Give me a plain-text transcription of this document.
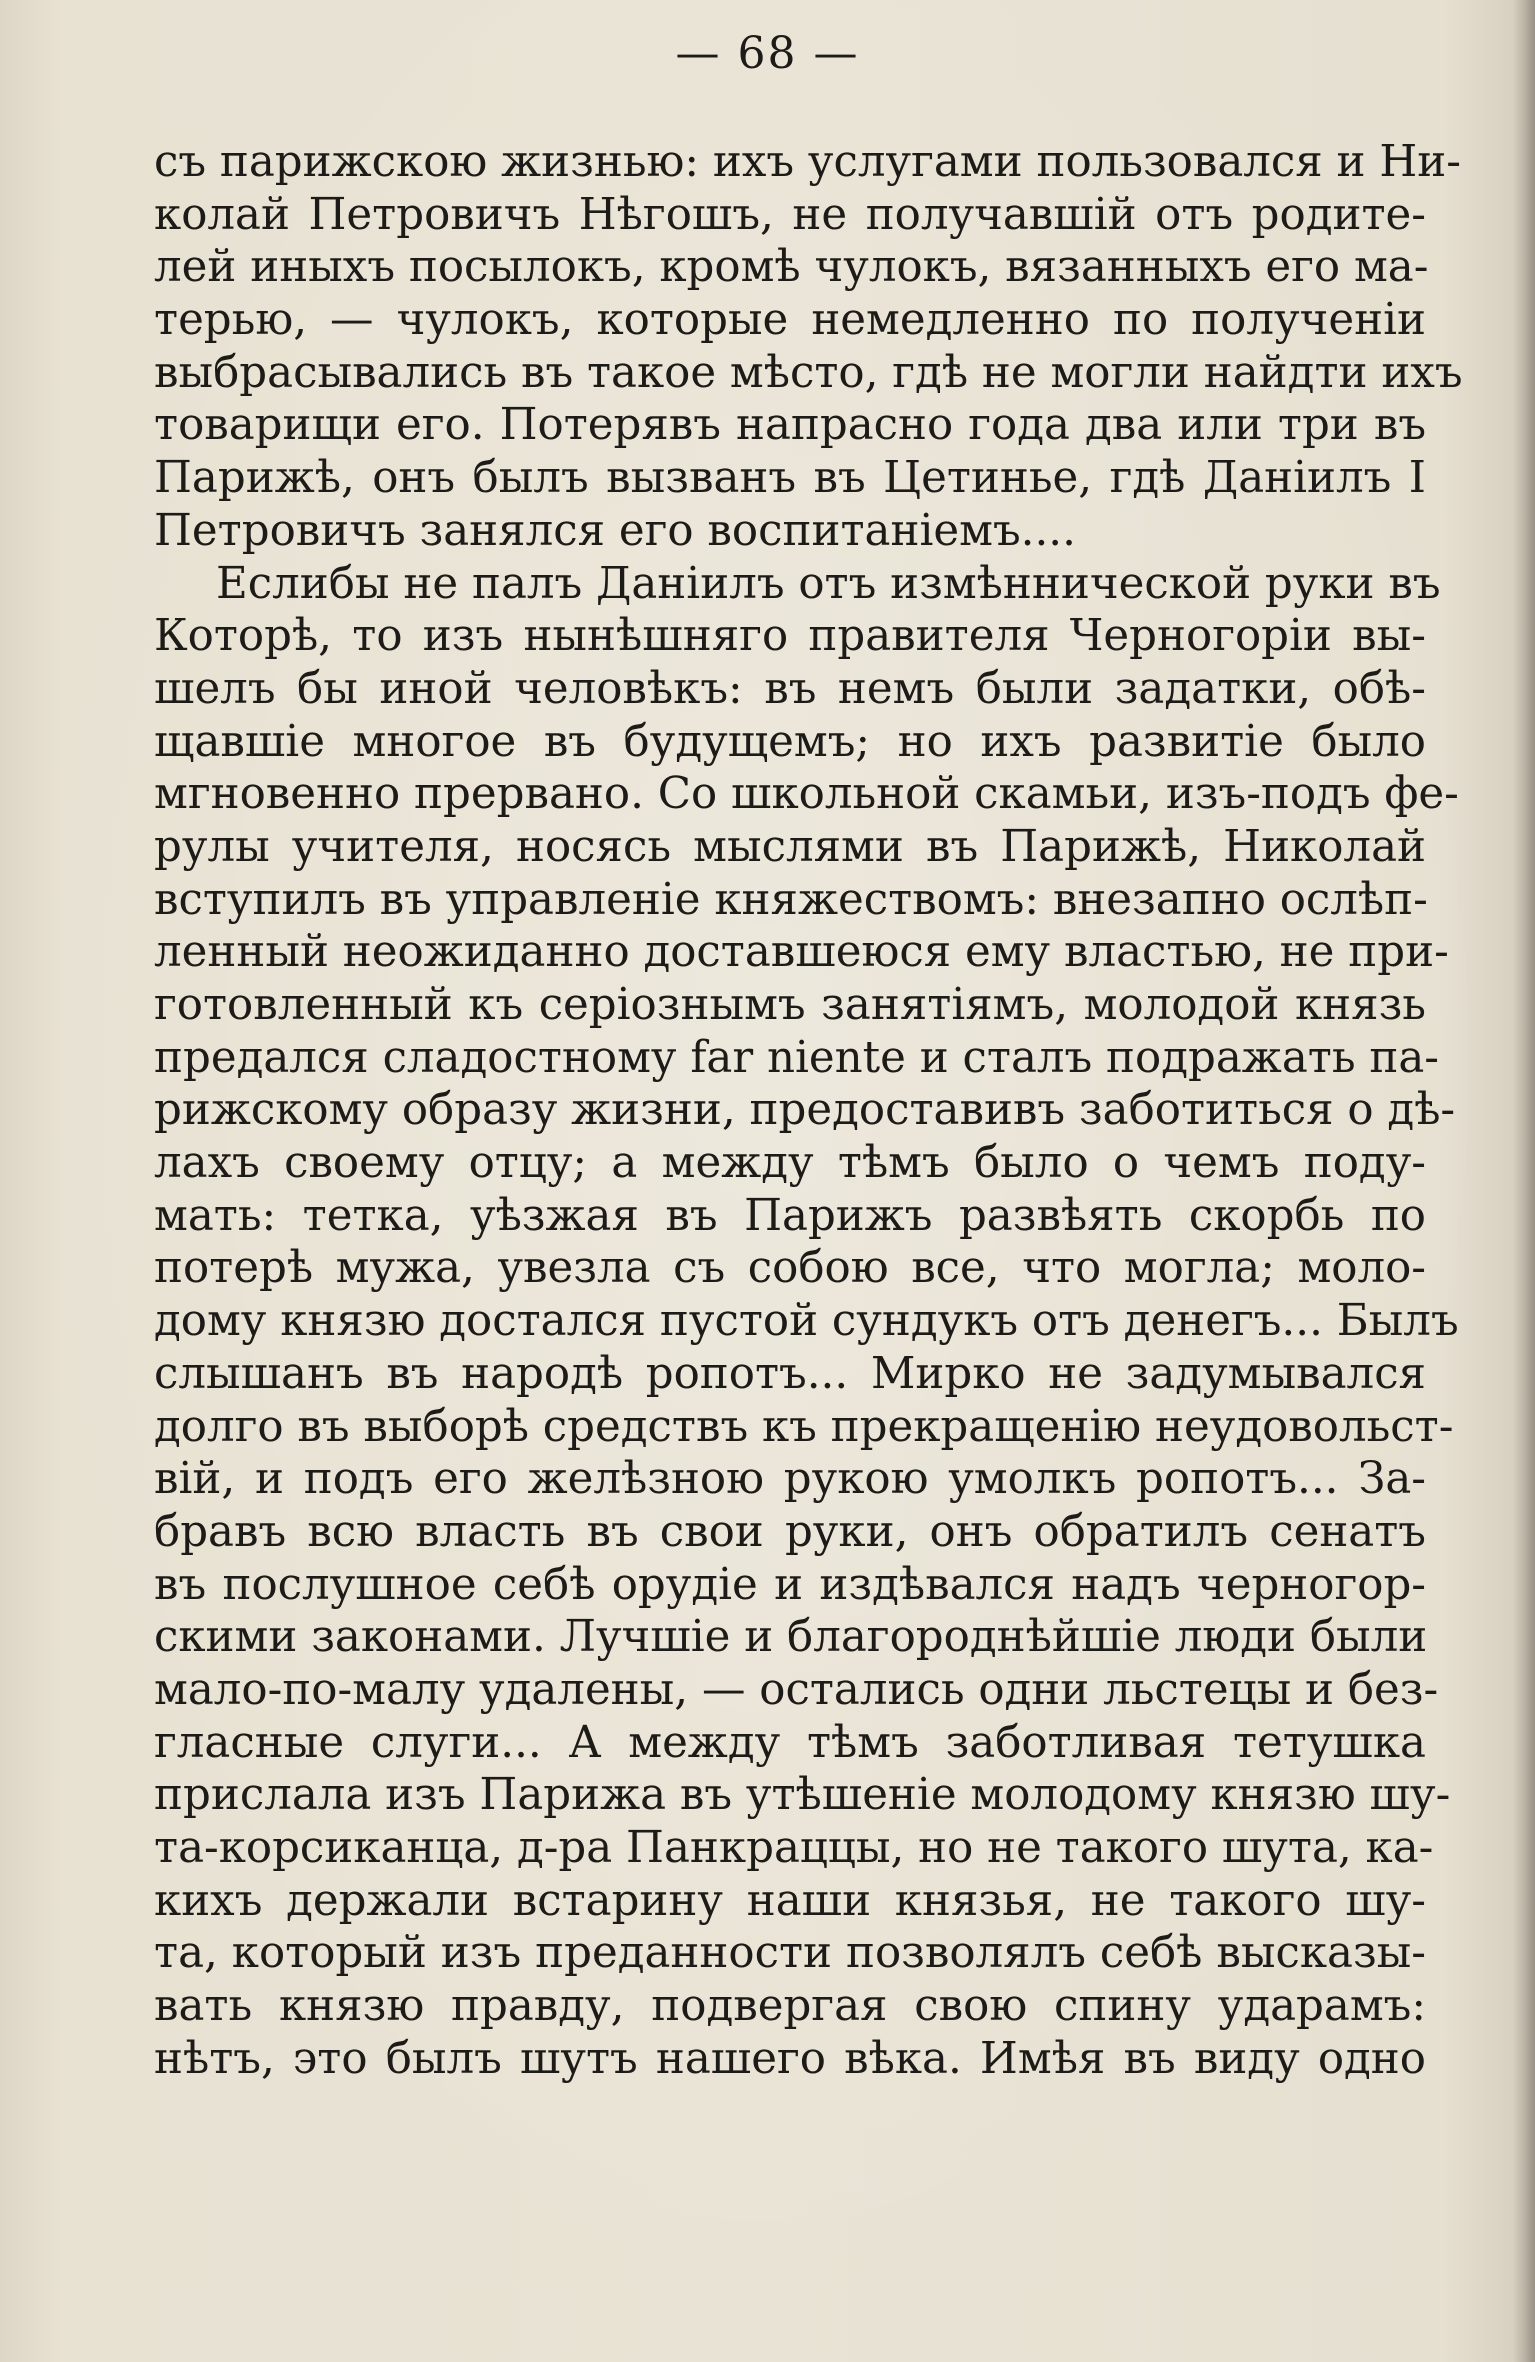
— 68 —
съ парижскою жизнью: ихъ услугами пользовался и Ни-
колай Петровичъ Нѣгошъ, не получавшій отъ родите-
лей иныхъ посылокъ, кромѣ чулокъ, вязанныхъ его ма-
терью, — чулокъ, которые немедленно по полученіи
выбрасывались въ такое мѣсто, гдѣ не могли найдти ихъ
товарищи его. Потерявъ напрасно года два или три въ
Парижѣ, онъ былъ вызванъ въ Цетинье, гдѣ Даніилъ I
Петровичъ занялся его воспитаніемъ....
Еслибы не палъ Даніилъ отъ измѣннической руки въ
Которѣ, то изъ нынѣшняго правителя Черногоріи вы-
шелъ бы иной человѣкъ: въ немъ были задатки, обѣ-
щавшіе многое въ будущемъ; но ихъ развитіе было
мгновенно прервано. Со школьной скамьи, изъ-подъ фе-
рулы учителя, носясь мыслями въ Парижѣ, Николай
вступилъ въ управленіе княжествомъ: внезапно ослѣп-
ленный неожиданно доставшеюся ему властью, не при-
готовленный къ серіознымъ занятіямъ, молодой князь
предался сладостному far niente и сталъ подражать па-
рижскому образу жизни, предоставивъ заботиться о дѣ-
лахъ своему отцу; а между тѣмъ было о чемъ поду-
мать: тетка, уѣзжая въ Парижъ развѣять скорбь по
потерѣ мужа, увезла съ собою все, что могла; моло-
дому князю достался пустой сундукъ отъ денегъ... Былъ
слышанъ въ народѣ ропотъ... Мирко не задумывался
долго въ выборѣ средствъ къ прекращенію неудовольст-
вій, и подъ его желѣзною рукою умолкъ ропотъ... За-
бравъ всю власть въ свои руки, онъ обратилъ сенатъ
въ послушное себѣ орудіе и издѣвался надъ черногор-
скими законами. Лучшіе и благороднѣйшіе люди были
мало-по-малу удалены, — остались одни льстецы и без-
гласные слуги... А между тѣмъ заботливая тетушка
прислала изъ Парижа въ утѣшеніе молодому князю шу-
та-корсиканца, д-ра Панкраццы, но не такого шута, ка-
кихъ держали встарину наши князья, не такого шу-
та, который изъ преданности позволялъ себѣ высказы-
вать князю правду, подвергая свою спину ударамъ:
нѣтъ, это былъ шутъ нашего вѣка. Имѣя въ виду одно
